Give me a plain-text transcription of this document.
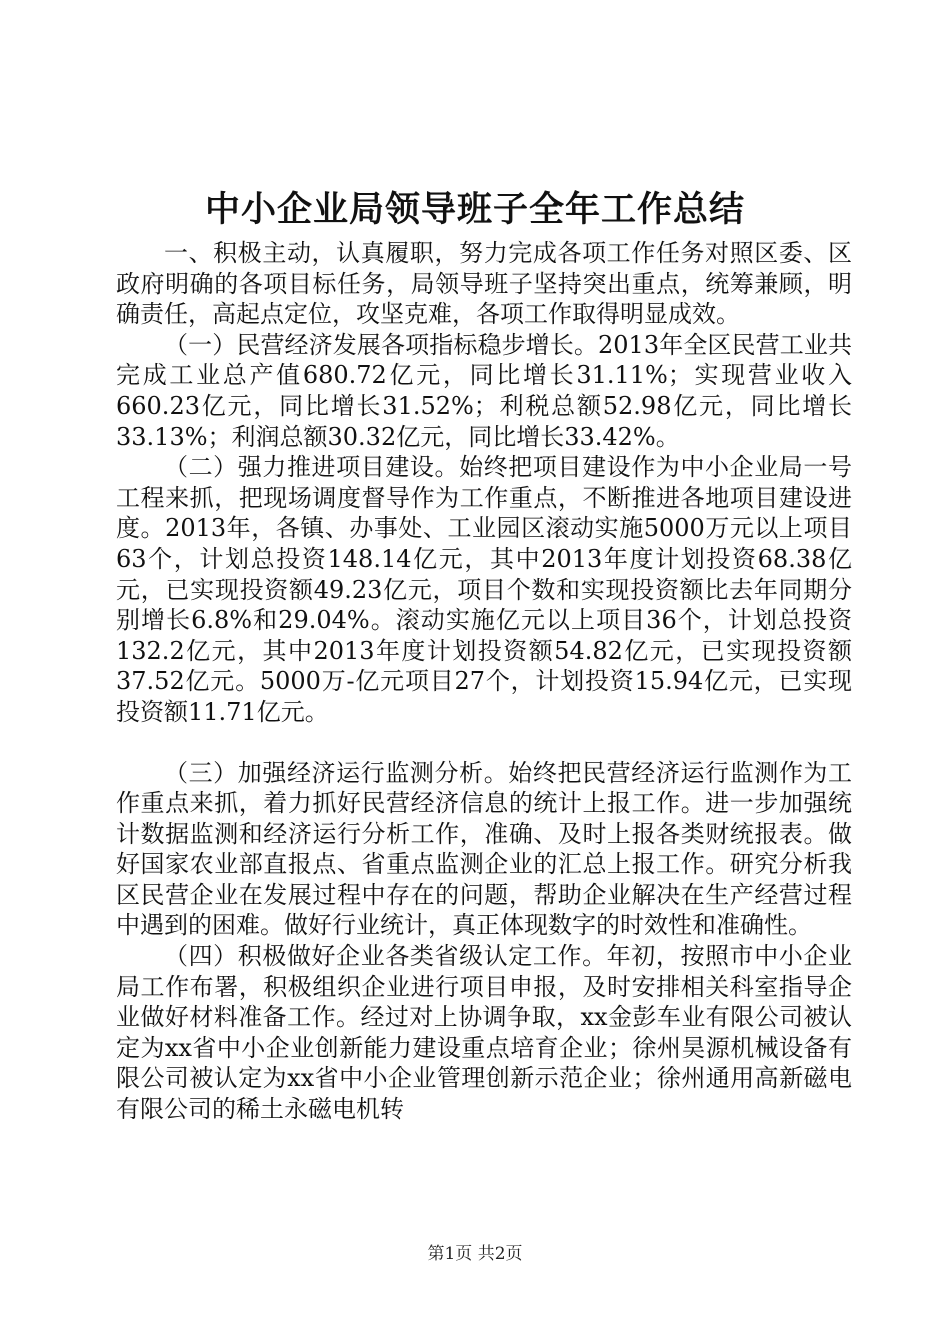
中小企业局领导班子全年工作总结

一、积极主动，认真履职，努力完成各项工作任务对照区委、区政府明确的各项目标任务，局领导班子坚持突出重点，统筹兼顾，明确责任，高起点定位，攻坚克难，各项工作取得明显成效。

（一）民营经济发展各项指标稳步增长。2013年全区民营工业共完成工业总产值680.72亿元，同比增长31.11%；实现营业收入660.23亿元，同比增长31.52%；利税总额52.98亿元，同比增长33.13%；利润总额30.32亿元，同比增长33.42%。

（二）强力推进项目建设。始终把项目建设作为中小企业局一号工程来抓，把现场调度督导作为工作重点，不断推进各地项目建设进度。2013年，各镇、办事处、工业园区滚动实施5000万元以上项目63个，计划总投资148.14亿元，其中2013年度计划投资68.38亿元，已实现投资额49.23亿元，项目个数和实现投资额比去年同期分别增长6.8%和29.04%。滚动实施亿元以上项目36个，计划总投资132.2亿元，其中2013年度计划投资额54.82亿元，已实现投资额37.52亿元。5000万-亿元项目27个，计划投资15.94亿元，已实现投资额11.71亿元。

（三）加强经济运行监测分析。始终把民营经济运行监测作为工作重点来抓，着力抓好民营经济信息的统计上报工作。进一步加强统计数据监测和经济运行分析工作，准确、及时上报各类财统报表。做好国家农业部直报点、省重点监测企业的汇总上报工作。研究分析我区民营企业在发展过程中存在的问题，帮助企业解决在生产经营过程中遇到的困难。做好行业统计，真正体现数字的时效性和准确性。

（四）积极做好企业各类省级认定工作。年初，按照市中小企业局工作布署，积极组织企业进行项目申报，及时安排相关科室指导企业做好材料准备工作。经过对上协调争取，xx金彭车业有限公司被认定为xx省中小企业创新能力建设重点培育企业；徐州昊源机械设备有限公司被认定为xx省中小企业管理创新示范企业；徐州通用高新磁电有限公司的稀土永磁电机转

第1页 共2页
